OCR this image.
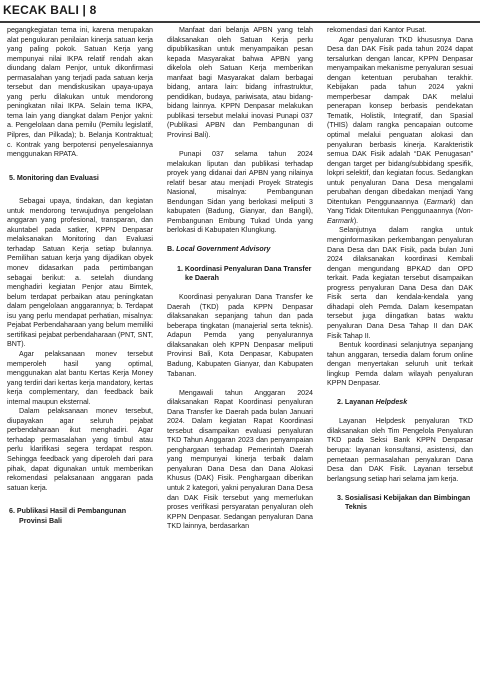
KECAK BALI | 8

pegangkegiatan tema ini, karena merupakan alat pengukuran penilaian kinerja satuan kerja yang paling pokok. Satuan Kerja yang mempunyai nilai IKPA relatif rendah akan diundang dalam Penjor, untuk dikonfirmasi permasalahan yang terjadi pada satuan kerja tersebut dan mendiskusikan upaya-upaya yang perlu dilakukan untuk mendorong peningkatan nilai IKPA. Selain tema IKPA, tema lain yang diangkat dalam Penjor yakni: a. Pengelolaan dana pemilu (Pemilu legislatif, Pilpres, dan Pilkada); b. Belanja Kontraktual; c. Kontrak yang berpotensi penyelesaiannya menggunakan RPATA.

5. Monitoring dan Evaluasi

Sebagai upaya, tindakan, dan kegiatan untuk mendorong terwujudnya pengelolaan anggaran yang profesional, transparan, dan akuntabel pada satker, KPPN Denpasar melaksanakan Monitoring dan Evaluasi terhadap Satuan Kerja setiap bulannya. Pemilihan satuan kerja yang dijadikan obyek monev didasarkan pada pertimbangan sebagai berikut: a. setelah diundang menghadiri kegiatan Penjor atau Bimtek, belum terdapat perbaikan atau peningkatan dalam pengelolaan anggarannya; b. Terdapat isu yang perlu mendapat perhatian, misalnya: Pejabat Perbendaharaan yang belum memiliki sertifikasi pejabat perbendaharaan (PNT, SNT, BNT).

Agar pelaksanaan monev tersebut memperoleh hasil yang optimal, menggunakan alat bantu Kertas Kerja Money yang terdiri dari kertas kerja mandatory, kertas kerja complementary, dan feedback baik internal maupun eksternal.

Dalam pelaksanaan monev tersebut, diupayakan agar seluruh pejabat perbendaharaan ikut menghadiri. Agar terhadap permasalahan yang timbul atau perlu klarifikasi segera terdapat respon. Sehingga feedback yang diperoleh dari para pihak, dapat digunakan untuk memberikan rekomendasi pelaksanaan anggaran pada satuan kerja.

6. Publikasi Hasil di Pembangunan Provinsi Bali

Manfaat dari belanja APBN yang telah dilaksanakan oleh Satuan Kerja perlu dipublikasikan untuk menyampaikan pesan kepada Masyarakat bahwa APBN yang dikelola oleh Satuan Kerja memberikan manfaat bagi Masyarakat dalam berbagai bidang, antara lain: bidang infrastruktur, pendidikan, budaya, pariwisata, atau bidang-bidang lainnya. KPPN Denpasar melakukan publikasi tersebut melalui inovasi Punapi 037 (Publikasi APBN dan Pembangunan di Provinsi Bali).

Punapi 037 selama tahun 2024 melakukan liputan dan publikasi terhadap proyek yang didanai dari APBN yang nilainya relatif besar atau menjadi Proyek Strategis Nasional, misalnya: Pembangunan Bendungan Sidan yang berlokasi meliputi 3 kabupaten (Badung, Gianyar, dan Bangli), Pembangunan Embung Tukad Unda yang berlokasi di Kabupaten Klungkung.

B. Local Government Advisory

1. Koordinasi Penyaluran Dana Transfer ke Daerah

Koordinasi penyaluran Dana Transfer ke Daerah (TKD) pada KPPN Denpasar dilaksanakan sepanjang tahun dan pada beberapa tingkatan (manajerial serta teknis). Adapun Pemda yang penyalurannya dilaksanakan oleh KPPN Denpasar meliputi Provinsi Bali, Kota Denpasar, Kabupaten Badung, Kabupaten Gianyar, dan Kabupaten Tabanan.

Mengawali tahun Anggaran 2024 dilaksanakan Rapat Koordinasi penyaluran Dana Transfer ke Daerah pada bulan Januari 2024. Dalam kegiatan Rapat Koordinasi tersebut disampaikan evaluasi penyaluran TKD Tahun Anggaran 2023 dan penyampaian penghargaan terhadap Pemerintah Daerah yang mempunyai kinerja terbaik dalam penyaluran Dana Desa dan Dana Alokasi Khusus (DAK) Fisik. Penghargaan diberikan untuk 2 kategori, yakni penyaluran Dana Desa dan DAK Fisik tersebut yang memerlukan proses verifikasi persyaratan penyaluran oleh KPPN Denpasar. Sedangan penyaluran Dana TKD lainnya, berdasarkan

rekomendasi dari Kantor Pusat.

Agar penyaluran TKD khususnya Dana Desa dan DAK Fisik pada tahun 2024 dapat tersalurkan dengan lancar, KPPN Denpasar menyampaikan mekanisme penyaluran sesuai dengan ketentuan perubahan terakhir. Kebijakan pada tahun 2024 yakni memperbesar dampak DAK melalui penerapan konsep berbasis pendekatan Tematik, Holistik, Integratif, dan Spasial (THIS) dalam rangka pencapaian outcome optimal melalui penguatan alokasi dan penyaluran berbasis kinerja. Karakteristik semua DAK Fisik adalah “DAK Penugasan” dengan target per bidang/subbidang spesifik, lokpri selektif, dan kegiatan focus. Sedangkan untuk penyaluran Dana Desa mengalami perubahan dengan dibedakan menjadi Yang Ditentukan Penggunaannya (Earmark) dan Yang Tidak Ditentukan Penggunaannya (Non-Earmark).

Selanjutnya dalam rangka untuk menginformasikan perkembangan penyaluran Dana Desa dan DAK Fisik, pada bulan Juni 2024 dilaksanakan koordinasi Kembali dengan mengundang BPKAD dan OPD terkait. Pada kegiatan tersebut disampaikan progress penyaluran Dana Desa dan DAK Fisik serta dan kendala-kendala yang dihadapi oleh Pemda. Dalam kesempatan tersebut juga diingatkan batas waktu penyaluran Dana Desa Tahap II dan DAK Fisik Tahap II.

Bentuk koordinasi selanjutnya sepanjang tahun anggaran, tersedia dalam forum online dengan menyertakan seluruh unit terkait lingkup Pemda dalam wilayah penyaluran KPPN Denpasar.

2. Layanan Helpdesk

Layanan Helpdesk penyaluran TKD dilaksanakan oleh Tim Pengelola Penyaluran TKD pada Seksi Bank KPPN Denpasar berupa: layanan konsultansi, asistensi, dan pemetaan permasalahan penyaluran Dana Desa dan DAK Fisik. Layanan tersebut berlangsung setiap hari selama jam kerja.

3. Sosialisasi Kebijakan dan Bimbingan Teknis
